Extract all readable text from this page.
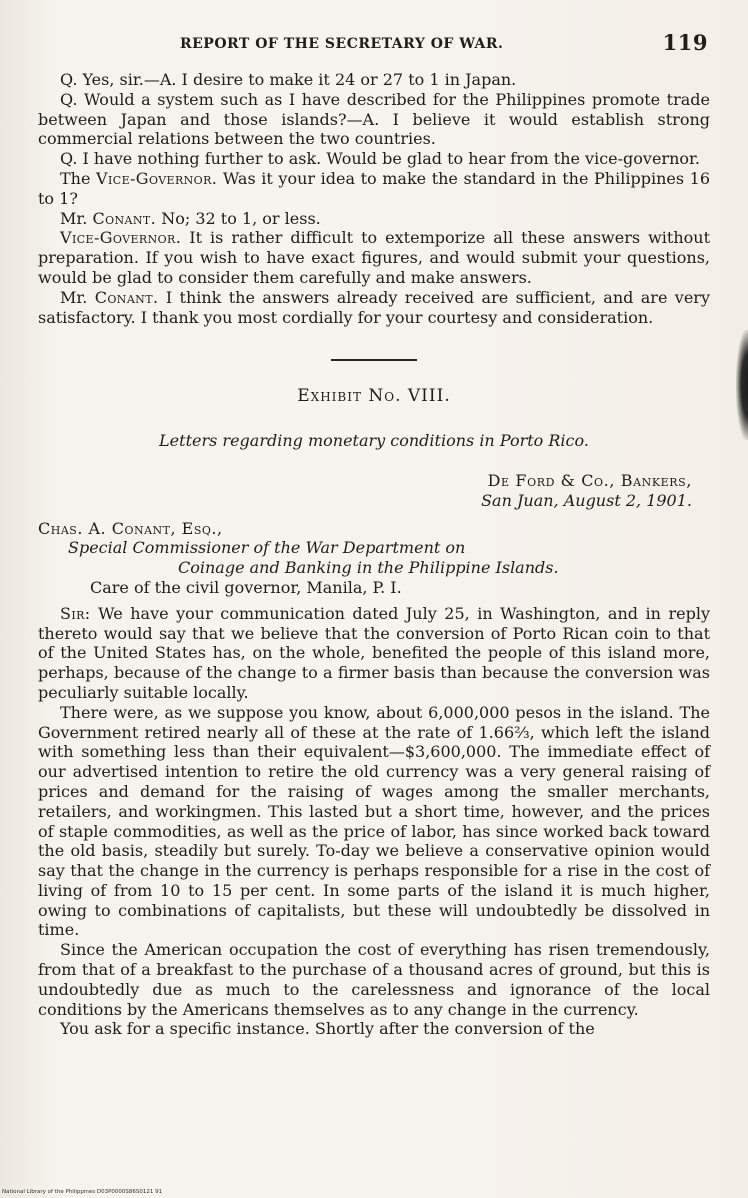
REPORT OF THE SECRETARY OF WAR.	119

Q. Yes, sir.—A. I desire to make it 24 or 27 to 1 in Japan.

Q. Would a system such as I have described for the Philippines promote trade between Japan and those islands?—A. I believe it would establish strong commercial relations between the two countries.

Q. I have nothing further to ask. Would be glad to hear from the vice-governor.

The Vice-Governor. Was it your idea to make the standard in the Philippines 16 to 1?

Mr. Conant. No; 32 to 1, or less.

Vice-Governor. It is rather difficult to extemporize all these answers without preparation. If you wish to have exact figures, and would submit your questions, would be glad to consider them carefully and make answers.

Mr. Conant. I think the answers already received are sufficient, and are very satisfactory. I thank you most cordially for your courtesy and consideration.

Exhibit No. VIII.

Letters regarding monetary conditions in Porto Rico.

De Ford & Co., Bankers,

San Juan, August 2, 1901.

Chas. A. Conant, Esq.,

Special Commissioner of the War Department on

Coinage and Banking in the Philippine Islands.

Care of the civil governor, Manila, P. I.

Sir: We have your communication dated July 25, in Washington, and in reply thereto would say that we believe that the conversion of Porto Rican coin to that of the United States has, on the whole, benefited the people of this island more, perhaps, because of the change to a firmer basis than because the conversion was peculiarly suitable locally.

There were, as we suppose you know, about 6,000,000 pesos in the island. The Government retired nearly all of these at the rate of 1.66⅔, which left the island with something less than their equivalent—$3,600,000. The immediate effect of our advertised intention to retire the old currency was a very general raising of prices and demand for the raising of wages among the smaller merchants, retailers, and workingmen. This lasted but a short time, however, and the prices of staple commodities, as well as the price of labor, has since worked back toward the old basis, steadily but surely. To-day we believe a conservative opinion would say that the change in the currency is perhaps responsible for a rise in the cost of living of from 10 to 15 per cent. In some parts of the island it is much higher, owing to combinations of capitalists, but these will undoubtedly be dissolved in time.

Since the American occupation the cost of everything has risen tremendously, from that of a breakfast to the purchase of a thousand acres of ground, but this is undoubtedly due as much to the carelessness and ignorance of the local conditions by the Americans themselves as to any change in the currency.

You ask for a specific instance. Shortly after the conversion of the

National Library of the Philippines D03P0000S86S0121 91
